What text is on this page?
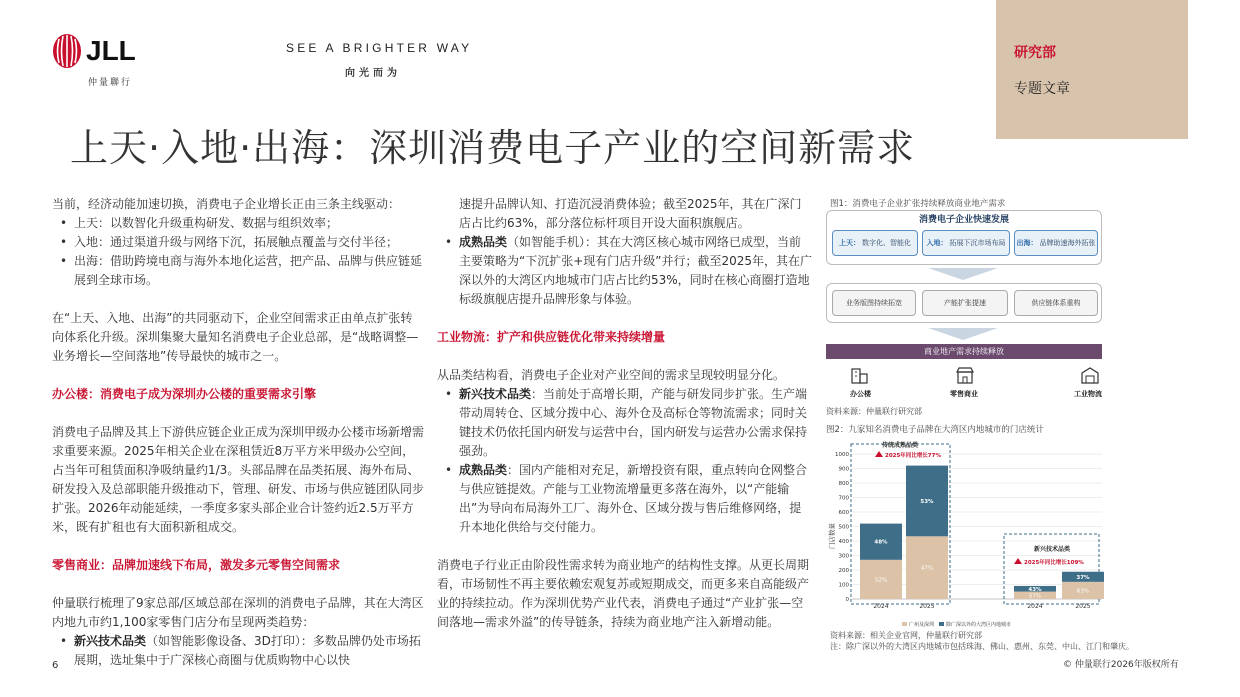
JLL
仲量聯行
SEE A BRIGHTER WAY
向光而为
研究部
专题文章
上天·入地·出海：深圳消费电子产业的空间新需求

当前，经济动能加速切换，消费电子企业增长正由三条主线驱动：

• 上天：以数智化升级重构研发、数据与组织效率；
• 入地：通过渠道升级与网络下沉，拓展触点覆盖与交付半径；
• 出海：借助跨境电商与海外本地化运营，把产品、品牌与供应链延展到全球市场。

在“上天、入地、出海”的共同驱动下，企业空间需求正由单点扩张转向体系化升级。深圳集聚大量知名消费电子企业总部，是“战略调整—业务增长—空间落地”传导最快的城市之一。

办公楼：消费电子成为深圳办公楼的重要需求引擎

消费电子品牌及其上下游供应链企业正成为深圳甲级办公楼市场新增需求重要来源。2025年相关企业在深租赁近8万平方米甲级办公空间，占当年可租赁面积净吸纳量约1/3。头部品牌在品类拓展、海外布局、研发投入及总部职能升级推动下，管理、研发、市场与供应链团队同步扩张。2026年动能延续，一季度多家头部企业合计签约近2.5万平方米，既有扩租也有大面积新租成交。

零售商业：品牌加速线下布局，激发多元零售空间需求

仲量联行梳理了9家总部/区域总部在深圳的消费电子品牌，其在大湾区内地九市约1,100家零售门店分布呈现两类趋势：

• 新兴技术品类（如智能影像设备、3D打印）：多数品牌仍处市场拓展期，选址集中于广深核心商圈与优质购物中心以快

速提升品牌认知、打造沉浸消费体验；截至2025年，其在广深门店占比约63%，部分落位标杆项目开设大面积旗舰店。

• 成熟品类（如智能手机）：其在大湾区核心城市网络已成型，当前主要策略为“下沉扩张+现有门店升级”并行；截至2025年，其在广深以外的大湾区内地城市门店占比约53%，同时在核心商圈打造地标级旗舰店提升品牌形象与体验。

工业物流：扩产和供应链优化带来持续增量

从品类结构看，消费电子企业对产业空间的需求呈现较明显分化。

• 新兴技术品类：当前处于高增长期，产能与研发同步扩张。生产端带动周转仓、区域分拨中心、海外仓及高标仓等物流需求；同时关键技术仍依托国内研发与运营中台，国内研发与运营办公需求保持强劲。
• 成熟品类：国内产能相对充足，新增投资有限，重点转向仓网整合与供应链提效。产能与工业物流增量更多落在海外，以“产能输出”为导向布局海外工厂、海外仓、区域分拨与售后维修网络，提升本地化供给与交付能力。

消费电子行业正由阶段性需求转为商业地产的结构性支撑。从更长周期看，市场韧性不再主要依赖宏观复苏或短期成交，而更多来自高能级产业的持续拉动。作为深圳优势产业代表，消费电子通过“产业扩张—空间落地—需求外溢”的传导链条，持续为商业地产注入新增动能。

图1：消费电子企业扩张持续释放商业地产需求
消费电子企业快速发展
上天： 数字化、智能化 入地： 拓展下沉市场布局 出海： 品牌助速海外拓张
业务版图持续拓宽	产能扩张提速	供应链体系重构
商业地产需求持续释放
办公楼	零售商业	工业物流
资料来源：仲量联行研究部
图2：九家知名消费电子品牌在大湾区内地城市的门店统计
0
100
200
300
400
500
600
700
800
900
1000
门店数量
传统成熟品类
2025年同比增长77%
新兴技术品类
2025年同比增长109%
52%
48%
47%
53%
57%
43%	63%
37%
2024	2025	2024	2025
广州及深圳 除广深以外的大湾区内地城市
资料来源：相关企业官网，仲量联行研究部
注：除广深以外的大湾区内地城市包括珠海、佛山、惠州、东莞、中山、江门和肇庆。
6	© 仲量联行2026年版权所有
